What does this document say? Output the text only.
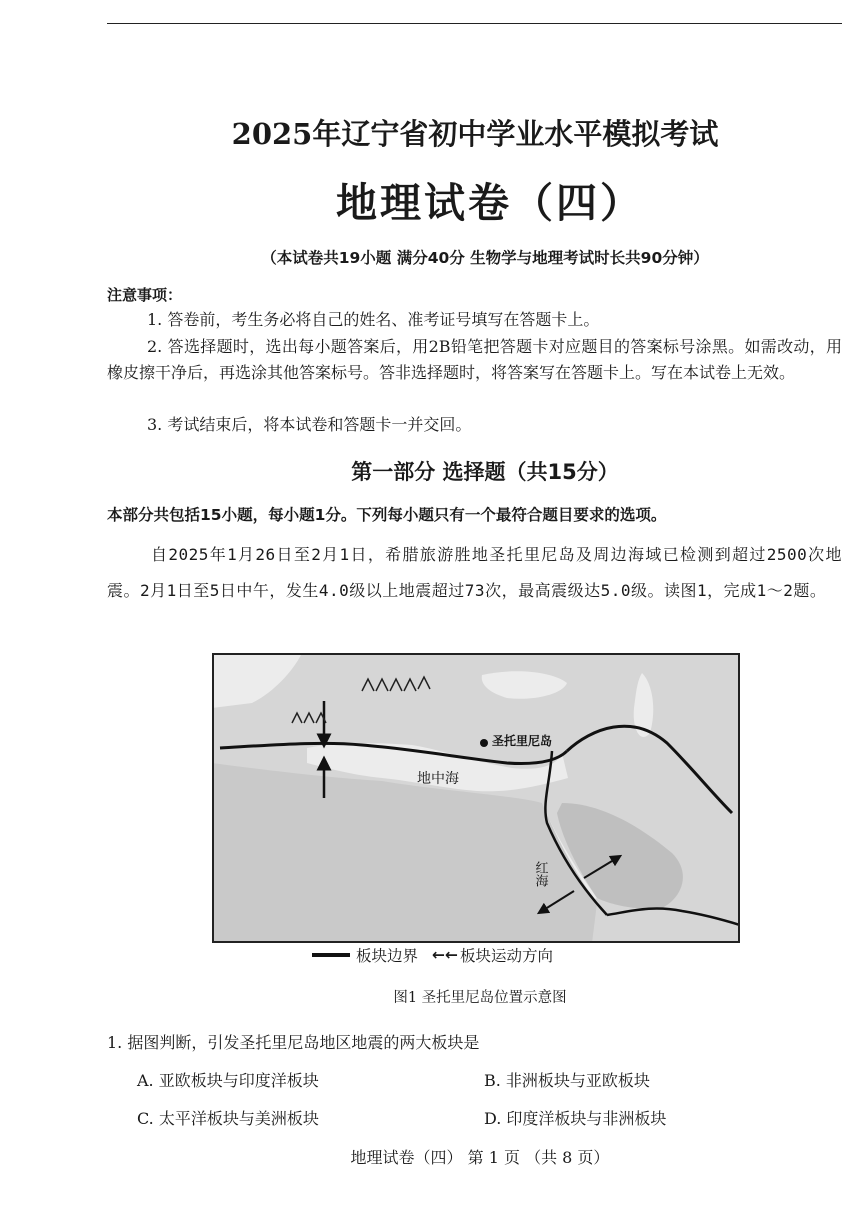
2025年辽宁省初中学业水平模拟考试
地理试卷（四）
（本试卷共19小题 满分40分 生物学与地理考试时长共90分钟）
注意事项：
1. 答卷前，考生务必将自己的姓名、准考证号填写在答题卡上。
2. 答选择题时，选出每小题答案后，用2B铅笔把答题卡对应题目的答案标号涂黑。如需改动，用橡皮擦干净后，再选涂其他答案标号。答非选择题时，将答案写在答题卡上。写在本试卷上无效。
3. 考试结束后，将本试卷和答题卡一并交回。
第一部分 选择题（共15分）
本部分共包括15小题，每小题1分。下列每小题只有一个最符合题目要求的选项。
自2025年1月26日至2月1日，希腊旅游胜地圣托里尼岛及周边海域已检测到超过2500次地震。2月1日至5日中午，发生4.0级以上地震超过73次，最高震级达5.0级。读图1，完成1～2题。
圣托里尼岛
地中海
红海
板块边界 ←← 板块运动方向
图1 圣托里尼岛位置示意图
1. 据图判断，引发圣托里尼岛地区地震的两大板块是
A. 亚欧板块与印度洋板块	B. 非洲板块与亚欧板块
C. 太平洋板块与美洲板块	D. 印度洋板块与非洲板块
地理试卷（四） 第 1 页 （共 8 页）
